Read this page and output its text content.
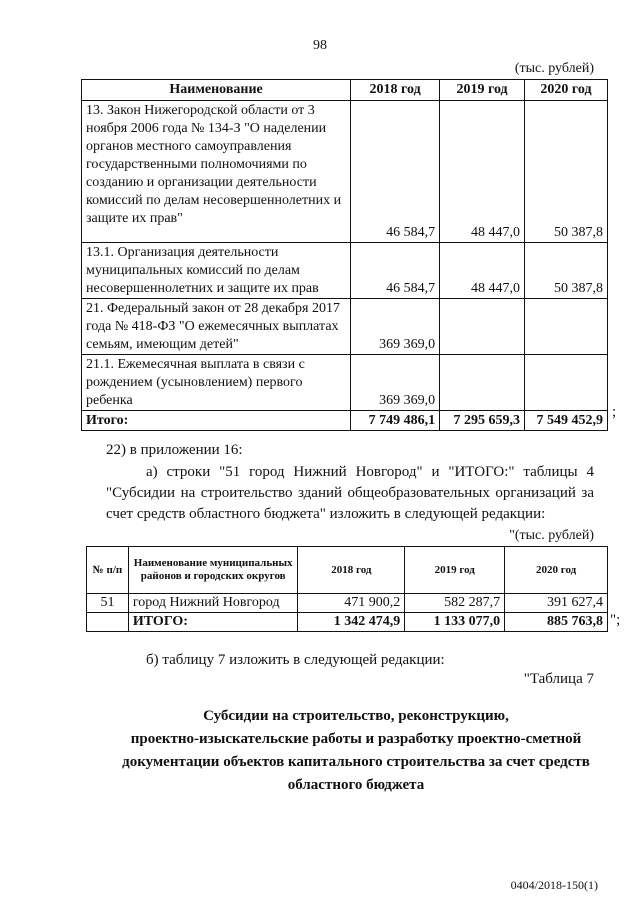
98
(тыс. рублей)
Наименование	2018 год	2019 год	2020 год
13. Закон Нижегородской области от 3 ноября 2006 года № 134-З "О наделении органов местного самоуправления государственными полномочиями по созданию и организации деятельности комиссий по делам несовершеннолетних и защите их прав"	46 584,7	48 447,0	50 387,8
13.1. Организация деятельности муниципальных комиссий по делам несовершеннолетних и защите их прав	46 584,7	48 447,0	50 387,8
21. Федеральный закон от 28 декабря 2017 года № 418-ФЗ "О ежемесячных выплатах семьям, имеющим детей"	369 369,0		
21.1. Ежемесячная выплата в связи с рождением (усыновлением) первого ребенка	369 369,0		
Итого:	7 749 486,1	7 295 659,3	7 549 452,9
;
22) в приложении 16:
а) строки "51 город Нижний Новгород" и "ИТОГО:" таблицы 4 "Субсидии на строительство зданий общеобразовательных организаций за счет средств областного бюджета" изложить в следующей редакции:
"(тыс. рублей)
№ п/п	Наименование муниципальных районов и городских округов	2018 год	2019 год	2020 год
51	город Нижний Новгород	471 900,2	582 287,7	391 627,4
	ИТОГО:	1 342 474,9	1 133 077,0	885 763,8 ";
б) таблицу 7 изложить в следующей редакции:
"Таблица 7
Субсидии на строительство, реконструкцию,
проектно-изыскательские работы и разработку проектно-сметной
документации объектов капитального строительства за счет средств
областного бюджета
0404/2018-150(1)
